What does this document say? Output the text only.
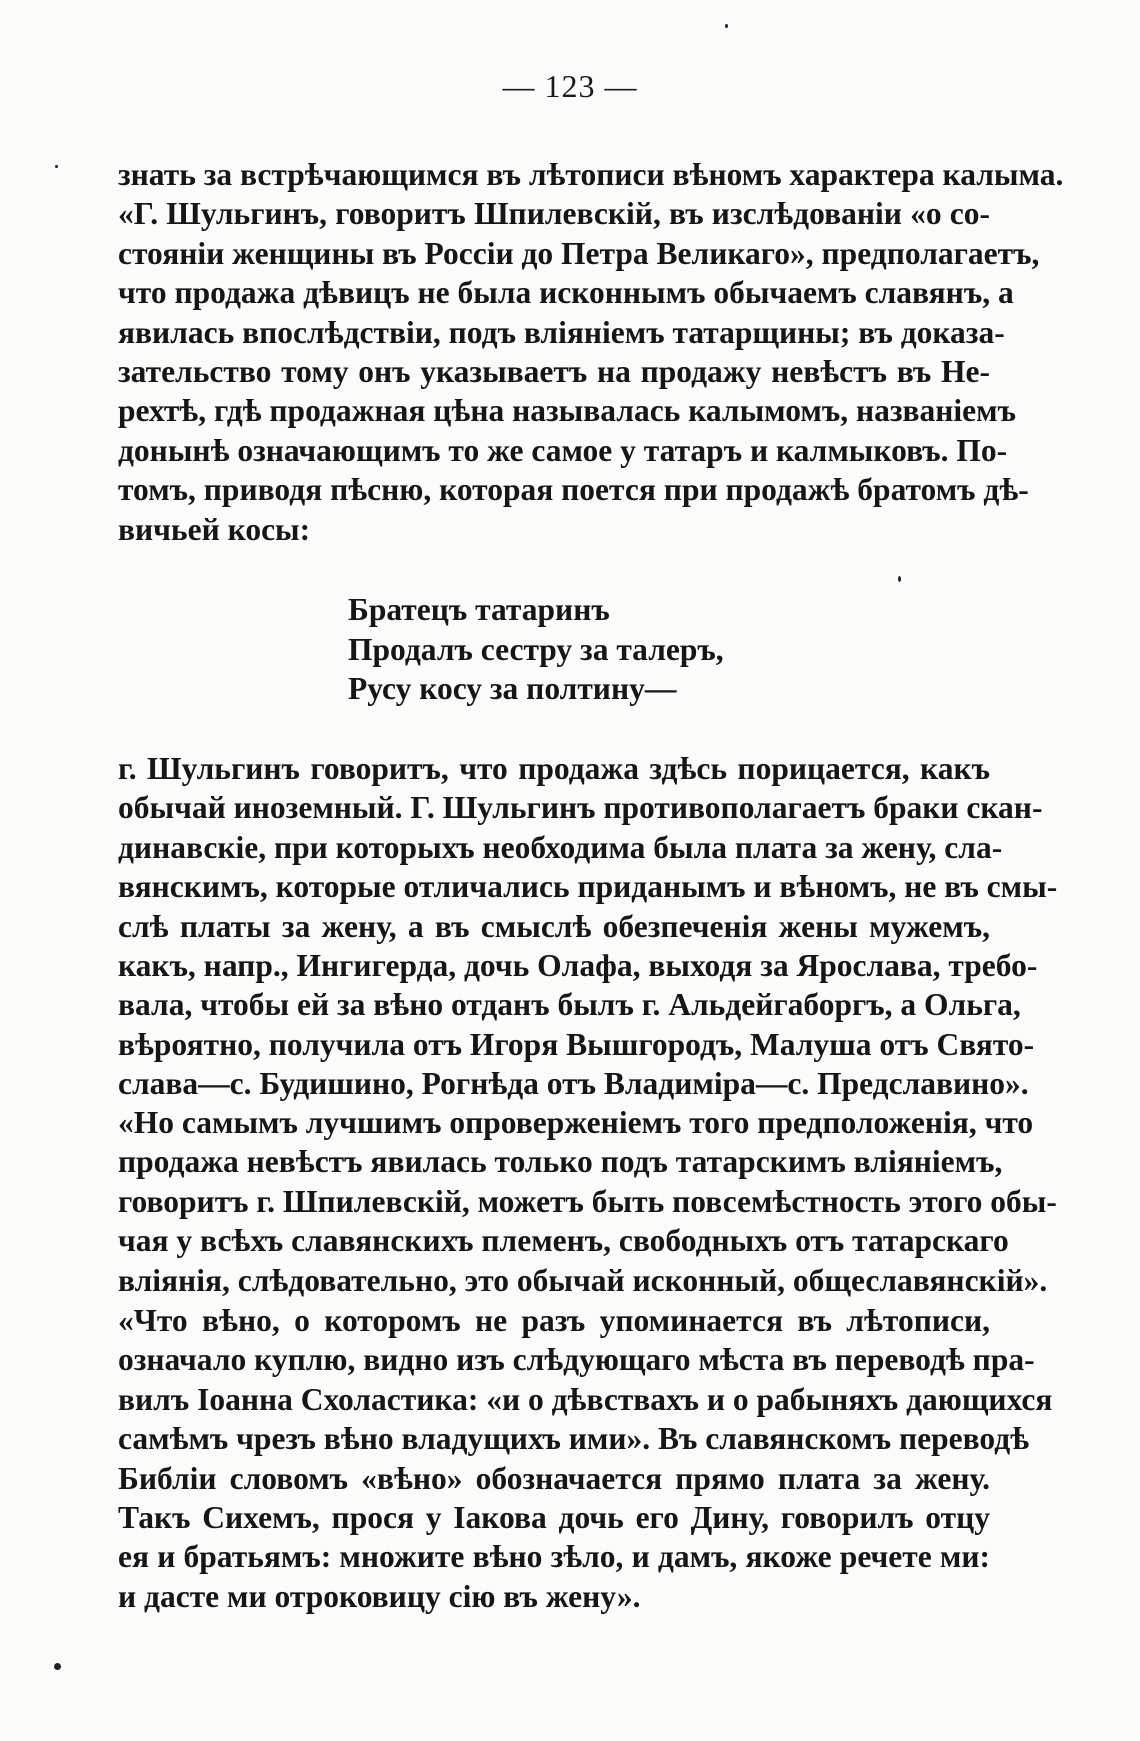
— 123 —
знать за встрѣчающимся въ лѣтописи вѣномъ характера калыма.
«Г. Шульгинъ, говоритъ Шпилевскій, въ изслѣдованіи «о со-
стояніи женщины въ Россіи до Петра Великаго», предполагаетъ,
что продажа дѣвицъ не была исконнымъ обычаемъ славянъ, а
явилась впослѣдствіи, подъ вліяніемъ татарщины; въ доказа-
зательство тому онъ указываетъ на продажу невѣстъ въ Не-
рехтѣ, гдѣ продажная цѣна называлась калымомъ, названіемъ
донынѣ означающимъ то же самое у татаръ и калмыковъ. По-
томъ, приводя пѣсню, которая поется при продажѣ братомъ дѣ-
вичьей косы:
Братецъ татаринъ
Продалъ сестру за талеръ,
Русу косу за полтину—
г. Шульгинъ говоритъ, что продажа здѣсь порицается, какъ
обычай иноземный. Г. Шульгинъ противополагаетъ браки скан-
динавскіе, при которыхъ необходима была плата за жену, сла-
вянскимъ, которые отличались приданымъ и вѣномъ, не въ смы-
слѣ платы за жену, а въ смыслѣ обезпеченія жены мужемъ,
какъ, напр., Ингигерда, дочь Олафа, выходя за Ярослава, требо-
вала, чтобы ей за вѣно отданъ былъ г. Альдейгаборгъ, а Ольга,
вѣроятно, получила отъ Игоря Вышгородъ, Малуша отъ Свято-
слава—с. Будишино, Рогнѣда отъ Владиміра—с. Предславино».
«Но самымъ лучшимъ опроверженіемъ того предположенія, что
продажа невѣстъ явилась только подъ татарскимъ вліяніемъ,
говоритъ г. Шпилевскій, можетъ быть повсемѣстность этого обы-
чая у всѣхъ славянскихъ племенъ, свободныхъ отъ татарскаго
вліянія, слѣдовательно, это обычай исконный, общеславянскій».
«Что вѣно, о которомъ не разъ упоминается въ лѣтописи,
означало куплю, видно изъ слѣдующаго мѣста въ переводѣ пра-
вилъ Іоанна Схоластика: «и о дѣвствахъ и о рабыняхъ дающихся
самѣмъ чрезъ вѣно владущихъ ими». Въ славянскомъ переводѣ
Библіи словомъ «вѣно» обозначается прямо плата за жену.
Такъ Сихемъ, прося у Іакова дочь его Дину, говорилъ отцу
ея и братьямъ: множите вѣно зѣло, и дамъ, якоже речете ми:
и дасте ми отроковицу сію въ жену».
